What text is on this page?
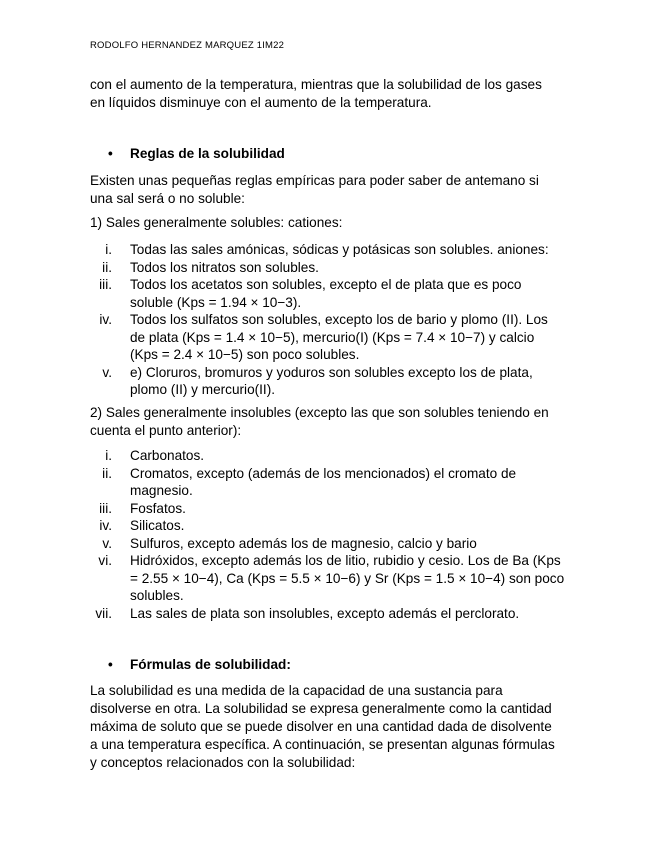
RODOLFO HERNANDEZ MARQUEZ 1IM22
con el aumento de la temperatura, mientras que la solubilidad de los gases en líquidos disminuye con el aumento de la temperatura.
• Reglas de la solubilidad
Existen unas pequeñas reglas empíricas para poder saber de antemano si una sal será o no soluble:
1) Sales generalmente solubles: cationes:
i. Todas las sales amónicas, sódicas y potásicas son solubles. aniones:
ii. Todos los nitratos son solubles.
iii. Todos los acetatos son solubles, excepto el de plata que es poco soluble (Kps = 1.94 × 10−3).
iv. Todos los sulfatos son solubles, excepto los de bario y plomo (II). Los de plata (Kps = 1.4 × 10−5), mercurio(I) (Kps = 7.4 × 10−7) y calcio (Kps = 2.4 × 10−5) son poco solubles.
v. e) Cloruros, bromuros y yoduros son solubles excepto los de plata, plomo (II) y mercurio(II).
2) Sales generalmente insolubles (excepto las que son solubles teniendo en cuenta el punto anterior):
i. Carbonatos.
ii. Cromatos, excepto (además de los mencionados) el cromato de magnesio.
iii. Fosfatos.
iv. Silicatos.
v. Sulfuros, excepto además los de magnesio, calcio y bario
vi. Hidróxidos, excepto además los de litio, rubidio y cesio. Los de Ba (Kps = 2.55 × 10−4), Ca (Kps = 5.5 × 10−6) y Sr (Kps = 1.5 × 10−4) son poco solubles.
vii. Las sales de plata son insolubles, excepto además el perclorato.
• Fórmulas de solubilidad:
La solubilidad es una medida de la capacidad de una sustancia para disolverse en otra. La solubilidad se expresa generalmente como la cantidad máxima de soluto que se puede disolver en una cantidad dada de disolvente a una temperatura específica. A continuación, se presentan algunas fórmulas y conceptos relacionados con la solubilidad:
